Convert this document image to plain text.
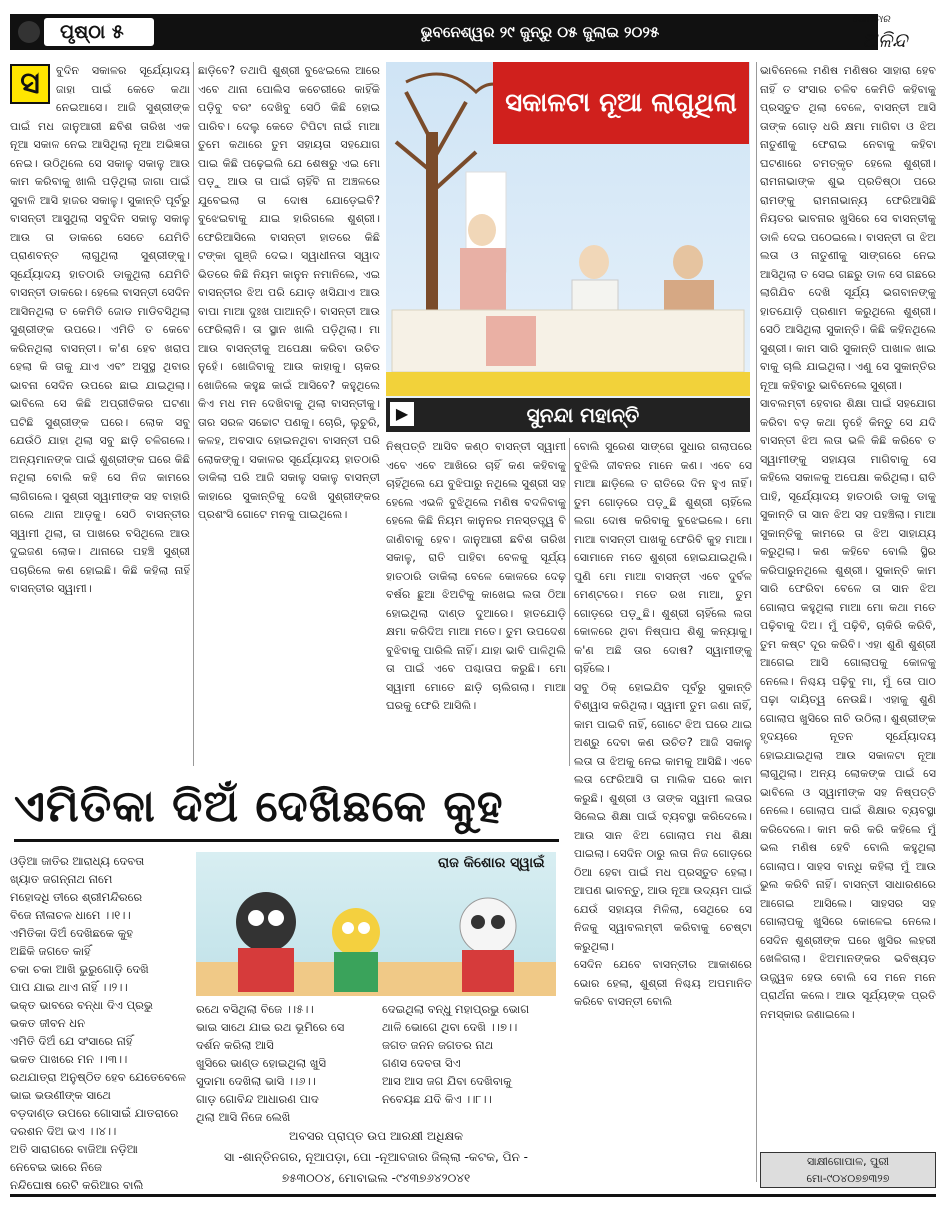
ପୃଷ୍ଠା ୫	ଭୁବନେଶ୍ୱର ୨୯ ଜୁନ୍‌ରୁ ୦୫ ଜୁଲାଇ ୨୦୨୫
ସୋମବାର
ଅଳିନ୍ଦ
ସ	ବୁଦିନ ସକାଳର ସୂର୍ଯ୍ୟୋଦୟ ଜାହା ପାଇଁ କେତେ କଥା ନେଇଆସେ। ଆଜି ସୁଶ୍ରୀଙ୍କ ପାଇଁ ମଧ ଜାନୁଆରୀ ଛବିଶ ତାରିଖ ଏକ ନୂଆ ସକାଳ ନେଇ ଆସିଥିଲା ନୂଆ ଅଭିଜ୍ଞତା ନେଇ। ଉଠିଥିଲେ ସେ ସକାଳୁ ସକାଳୁ ଆଉ କାମ କରିବାକୁ ଖାଲି ପଡ଼ିଥିଲା ଜାଗା ପାଇଁ ସୁବାଳି ଆସି ହାଜର ସକାଳୁ। ସୁକାନ୍ତି ପୂର୍ବରୁ ବାସନ୍ତୀ ଆସୁଥିଲା ସବୁଦିନ ସକାଳୁ ସକାଳୁ ଆଉ ତା ଡାକରେ ସେତେ ଯେମିତି ପ୍ରାଣବନ୍ତ ଲାଗୁଥିଲା ସୁଶ୍ରୀଙ୍କୁ। ସୂର୍ଯ୍ୟୋଦୟ ହାତଠାରି ଡାକୁଥିଲା ଯେମିତି ବାସନ୍ତୀ ଡାକରେ। ହେଲେ ବାସନ୍ତୀ ସେଦିନ ଆସିନଥିଲା ତ କେମିତି ଜୋଡ ମାଡିବସିଥିଲା ସୁଶ୍ରୀଙ୍କ ଉପରେ। ଏମିତି ତ କେବେ କରିନଥିଲା ବାସନ୍ତୀ। କ'ଣ ହେବ ଖରାପ ହେଲା କି ତାକୁ ଯାଏ ଏବଂ ଅସୁସ୍ଥ ଥିବାର ଭାବନା ସେଦିନ ଉପରେ ଛାଇ ଯାଇଥିଲା। ଭାବିଲେ ସେ କିଛି ଅପ୍ରୀତିକର ଘଟଣା ଘଟିଛି ସୁଶ୍ରୀଙ୍କ ଘରେ। ଲୋକ ସବୁ ଯେଉଁଠି ଯାହା ଥିଲା ସବୁ ଛାଡ଼ି ଚଳିଗଲେ। ଅନ୍ୟମାନଙ୍କ ପାଇଁ ଶୁଶ୍ରୀଙ୍କ ଘରେ କିଛି ନଥିଲା ବୋଲି କହି ସେ ନିଜ କାମରେ ଲାଗିଗଲେ। ସୁଶ୍ରୀ ସ୍ୱାମୀଙ୍କ ସହ ବାହାରି ଗଲେ ଥାନା ଆଡ଼କୁ। ସେଠି ବାସନ୍ତୀର ସ୍ୱାମୀ ଥିଲା, ତା ପାଖରେ ବସିଥିଲେ ଆଉ ଦୁଇଜଣ ଲୋକ। ଥାନାରେ ପହଞ୍ଚି ସୁଶ୍ରୀ ପଚାରିଲେ କଣ ହୋଇଛି। କିଛି କହିଲା ନାହିଁ ବାସନ୍ତୀର ସ୍ୱାମୀ।
ଛାଡ଼ିବେ? ତଥାପି ଶୁଶ୍ରୀ ବୁଝେଇଲେ ଆରେ ଏବେ ଥାନା ପୋଲିସ କଚେରୀରେ କାହିଁକି ପଡ଼ିବୁ ବରଂ ଦେଖିବୁ ସେଠି କିଛି ହୋଇ ପାରିବ। ଦେଲୁ କେତେ ଟିପିଟା ନାଇଁ ମାଆ ତୁମେ କଥାରେ ତୁମ ସହାୟତା ସହଯୋଗ ପାଇ କିଛି ପଢ଼େଇଲି ଯେ ଶେଷରୁ ଏଇ ମୋ ପଡ଼ୁ ଆଉ ତା ପାଇଁ ଚାହିଁବି ନା ଅଞ୍ଚଳରେ ଯୁବେଇଲା ତା ଦୋଷ ଯୋଡ଼େଇବି? ବୁଝେଇବାକୁ ଯାଇ ହାରିଗଲେ ଶୁଶ୍ରୀ। ଫେରିଆସିଲେ ବାସନ୍ତୀ ହାତରେ କିଛି ଟଙ୍କା ଗୁଞ୍ଜି ଦେଇ। ସ୍ୱାଧୀନତା ସ୍ୱାଦ ଭିତରେ କିଛି ନିୟମ କାନୁନ ନମାନିଲେ, ଏଇ ବାସନ୍ତୀର ଝିଅ ପରି ଯୋଡ଼ ଖସିଯାଏ ଆଉ ବାପା ମାଆ ଦୁଃଖ ପାଆନ୍ତି। ବାସନ୍ତୀ ଆଉ ଫେରିଲାନି। ତା ସ୍ଥାନ ଖାଲି ପଡ଼ିଥିଲା। ମା ଆଉ ବାସନ୍ତୀକୁ ଅପେକ୍ଷା କରିବା ଉଚିତ ନୁହେଁ। ଖୋଜିବାକୁ ଆଉ କାହାକୁ। ଚାକର ଖୋଜିଲେ କହୁଛ କାଇଁ ଆସିବେ? କହୁଥିଲେ କିଏ ମଧ ମନ ଦେଖିବାକୁ ଥିଲା ବାସନ୍ତୀକୁ। ତାର ସରଳ ସଚ୍ଚୋଟ ପଣକୁ। ଚୋରି, ଲୁଚୁରି, କଳହ, ଅବସାଦ ହୋଇନଥିବା ବାସନ୍ତୀ ପରି ଲୋକଙ୍କୁ। ସକାଳର ସୂର୍ଯ୍ୟୋଦୟ ହାତଠାରି ଡାକିଲା ପରି ଆଜି ସକାଳୁ ସକାଳୁ ବାସନ୍ତୀ କାହାରେ ସୁକାନ୍ତିକୁ ଦେଖି ସୁଶ୍ରୀଙ୍କର ପ୍ରଶଂସି ଗୋଟେ ମନକୁ ପାଇଥିଲେ।
ସକାଳଟା ନୂଆ ଲାଗୁଥିଲା
▶	ସୁନନ୍ଦା ମହାନ୍ତି
ନିଷ୍ପତ୍ତି ଆସିବ କଣ୍ଠ ବାସନ୍ତୀ ସ୍ୱାମୀ ଏବେ ଏବେ ଆଖିରେ ଚାହିଁ କଣ କହିବାକୁ ଚାହିଁଥିଲେ ଯେ ବୁଝିପାରୁ ନଥିଲେ ସୁଶ୍ରୀ ସହ ହେଲେ ଏଭଳି ବୁଝିଥିଲେ ମଣିଷ ବଦଳିବାକୁ ହେଲେ କିଛି ନିୟମ କାନୁନର ମନସ୍ତତ୍ତ୍ୱ ବି ଜାଣିବାକୁ ହେବ। ଜାନୁଆରୀ ଛବିଶ ତାରିଖ ସକାଳୁ, ରାତି ପାହିବା ବେଳକୁ ସୂର୍ଯ୍ୟ ହାତଠାରି ଡାକିଲା ବେଳେ କୋଳରେ ଦେଢ଼ ବର୍ଷର ଛୁଆ ଝିଅଟିକୁ କାଖେଇ ଲତା ଠିଆ ହୋଇଥିଲା ଦାଣ୍ଡ ଦୁଆରେ। ହାତଯୋଡ଼ି କ୍ଷମା କରିଦିଅ ମାଆ ମତେ। ତୁମ ଉପଦେଶ ବୁଝିବାକୁ ପାରିଲି ନାହିଁ। ଯାହା ଭାବି ପାଳିଥିଲି ତା ପାଇଁ ଏବେ ପଶ୍ଚାତାପ କରୁଛି। ମୋ ସ୍ୱାମୀ ମୋତେ ଛାଡ଼ି ଚାଲିଗଲା। ମାଆ ଘରକୁ ଫେରି ଆସିଲି।
ବୋଲି ସୁରେଶ ସାଙ୍ଗେ ସୁଧାର ଗଲାପରେ ବୁଝିଲି ଜୀବନର ମାନେ କଣ। ଏବେ ସେ ମାଆ ଛାଡ଼ିଲେ ତ ରାତିରେ ଦିନ ହୁଏ ନାହିଁ। ତୁମ ଗୋଡ଼ରେ ପଡ଼ୁଛି ଶୁଶ୍ରୀ ଚାହିଁଲେ ଲଗା ଦୋଷ କରିବାକୁ ବୁଝେଇଲେ। ମୋ ମାଆ ବାସନ୍ତୀ ପାଖକୁ ଫେରିବି କୁହ ମାଆ। ସୋମାନେ ମତେ ଶୁଶ୍ରୀ ହୋଇଯାଇଥିଲି। ପୁଣି ମୋ ମାଆ ବାସନ୍ତୀ ଏବେ ଦୁର୍ବଳ ମେଣ୍ଟରେ। ମତେ ରଖ ମାଆ, ତୁମ ଗୋଡ଼ରେ ପଡ଼ୁଛି। ଶୁଶ୍ରୀ ଚାହିଁଲେ ଲତା କୋଳରେ ଥିବା ନିଷ୍ପାପ ଶିଶୁ କନ୍ୟାକୁ। କ'ଣ ଅଛି ତାର ଦୋଷ? ସ୍ୱାମୀଙ୍କୁ ଚାହିଁଲେ।
ସବୁ ଠିକ୍ ହୋଇଯିବ ପୂର୍ବରୁ ସୁକାନ୍ତି ବିଶ୍ୱାସ କରିଥିଲା। ସ୍ୱାମୀ ତୁମ ଜଣା ନାହିଁ, କାମ ପାଇବି ନାହିଁ, ଗୋଟେ ଝିଅ ଘରେ ଥାଇ ଅଶ୍ରୁ ଦେବା କଣ ଉଚିତ? ଆଜି ସକାଳୁ ଲତା ତା ଝିଅକୁ ନେଇ କାମକୁ ଆସିଛି। ଏବେ ଲତା ଫେରିଆସି ତା ମାଲିକ ଘରେ କାମ କରୁଛି। ଶୁଶ୍ରୀ ଓ ତାଙ୍କ ସ୍ୱାମୀ ଲତାର ସିଲେଇ ଶିକ୍ଷା ପାଇଁ ବ୍ୟବସ୍ଥା କରିଦେଲେ। ଆଉ ସାନ ଝିଅ ଗୋଲାପ ମଧ ଶିକ୍ଷା ପାଇଲା। ସେଦିନ ଠାରୁ ଲତା ନିଜ ଗୋଡ଼ରେ ଠିଆ ହେବା ପାଇଁ ମଧ ପ୍ରସ୍ତୁତ ହେଲା। ଆପଣ ଭାବନ୍ତୁ, ଆଉ ନୂଆ ଉଦ୍ୟମ ପାଇଁ ଯେଉଁ ସହାୟତା ମିଳିଲା, ସେଥିରେ ସେ ନିଜକୁ ସ୍ୱାବଲମ୍ବୀ କରିବାକୁ ଚେଷ୍ଟା କରୁଥିଲା।
ସେଦିନ ଯେବେ ବାସନ୍ତୀର ଆକାଶରେ ଭୋର ହେଲା, ଶୁଶ୍ରୀ ନିଶ୍ଚୟ ଅପମାନିତ କରିବେ ବାସନ୍ତୀ ବୋଲି
ଭାବିନେଲେ ମଣିଷ ମଣିଷର ସାହାରା ହେବ ନାହିଁ ତ ସଂସାର ଚଳିବ କେମିତି କହିବାକୁ ପ୍ରସ୍ତୁତ ଥିଲା ବେଳେ, ବାସନ୍ତୀ ଆସି ତାଙ୍କ ଗୋଡ଼ ଧରି କ୍ଷମା ମାଗିବା ଓ ଝିଅ ନାତୁଣୀକୁ ଫେରାଇ ନେବାକୁ କହିବା ଘଟଣାରେ ଚମତ୍କୃତ ହେଲେ ଶୁଶ୍ରୀ। ରାମନାଭାଙ୍କ ଶୁଭ ପ୍ରତିଷ୍ଠା ପରେ ରାମଙ୍କୁ ରାମନାଭାନ୍ୟ ଫେରିଆସିଛି ନିୟତର ଭାବନାର ଖୁସିରେ ସେ ବାସନ୍ତୀକୁ ଡାଳି ଦେଇ ପଠେଇଲେ। ବାସନ୍ତୀ ତା ଝିଅ ଲତା ଓ ନାତୁଣୀକୁ ସାଙ୍ଗରେ ନେଇ ଆସିଥିଲା ତ ସେଇ ଗଛରୁ ଡାଳ ସେ ଗଛରେ ଲାଗିଯିବ ଦେଖି ସୂର୍ଯ୍ୟ ଭଗବାନଙ୍କୁ ହାତଯୋଡ଼ି ପ୍ରଣାମ କରୁଥିଲେ ଶୁଶ୍ରୀ। ସେଠି ଆସିଥିଲା ସୁକାନ୍ତି। କିଛି କହିନଥିଲେ ସୁଶ୍ରୀ। କାମ ସାରି ସୁକାନ୍ତି ପାଖାଳ ଖାଇ ବାକୁ ଚାଲି ଯାଇଥିଲା। ଏଣୁ ସେ ସୁକାନ୍ତିର ନୂଆ କହିବାରୁ ଭାବିନେଲେ ସୁଶ୍ରୀ।
ସାବଲମ୍ବୀ ହେବାର ଶିକ୍ଷା ପାଇଁ ସହଯୋଗ କରିବା ବଡ଼ କଥା ନୁହେଁ କିନ୍ତୁ ସେ ଯଦି ବାସନ୍ତୀ ଝିଅ ଲତା ଭଳି କିଛି କରିବେ ତ ସ୍ୱାମୀଙ୍କୁ ସହାୟତା ମାଗିବାକୁ ସେ କହିଲେ ସକାଳକୁ ଅପେକ୍ଷା କରିଥିଲା। ରାତି ପାହି, ସୂର୍ଯ୍ୟୋଦୟ ହାତଠାରି ଡାକୁ ଡାକୁ ସୁକାନ୍ତି ତା ସାନ ଝିଅ ସହ ପହଞ୍ଚିଲା। ମାଆ ସୁକାନ୍ତିକୁ କାମରେ ତା ଝିଅ ସାହାଯ୍ୟ କରୁଥିଲା। କଣ କହିବେ ବୋଲି ସ୍ଥିର କରିପାରୁନଥିଲେ ଶୁଶ୍ରୀ। ସୁକାନ୍ତି କାମ ସାରି ଫେରିବା ବେଳେ ତା ସାନ ଝିଅ ଗୋଲାପ କହୁଥିଲା ମାଆ ମୋ କଥା ମତେ ପଢ଼ିବାକୁ ଦିଅ। ମୁଁ ପଢ଼ିବି, ଚାକିରି କରିବି, ତୁମ କଷ୍ଟ ଦୂର କରିବି। ଏହା ଶୁଣି ଶୁଶ୍ରୀ ଆଗେଇ ଆସି ଗୋଲାପକୁ କୋଳକୁ ନେଲେ। ନିଶ୍ଚୟ ପଢ଼ିବୁ ମା, ମୁଁ ତୋ ପାଠ ପଢ଼ା ଦାୟିତ୍ୱ ନେଉଛି। ଏହାକୁ ଶୁଣି ଗୋଲାପ ଖୁସିରେ ନାଚି ଉଠିଲା। ଶୁଶ୍ରୀଙ୍କ ହୃଦୟରେ ନୂତନ ସୂର୍ଯ୍ୟୋଦୟ ହୋଇଯାଇଥିଲା ଆଉ ସକାଳଟା ନୂଆ ଲାଗୁଥିଲା। ଅନ୍ୟ ଲୋକଙ୍କ ପାଇଁ ସେ ଭାବିଲେ ଓ ସ୍ୱାମୀଙ୍କ ସହ ନିଷ୍ପତ୍ତି ନେଲେ। ଗୋଲାପ ପାଇଁ ଶିକ୍ଷାର ବ୍ୟବସ୍ଥା କରିଦେଲେ। କାମ କରି କରି କହିଲେ ମୁଁ ଭଲ ମଣିଷ ହେବି ବୋଲି କହୁଥିଲା ଗୋଲାପ। ସାହସ ବାନ୍ଧି କହିଲା ମୁଁ ଆଉ ଭୁଲ କରିବି ନାହିଁ। ବାସନ୍ତୀ ସାଧାରଣରେ ଆଗେଇ ଆସିଲେ। ସାହସର ସହ ଗୋଲାପକୁ ଖୁସିରେ କୋଳେଇ ନେଲେ। ସେଦିନ ଶୁଶ୍ରୀଙ୍କ ଘରେ ଖୁସିର ଲହରୀ ଖେଳିଗଲା। ଝିଅମାନଙ୍କର ଭବିଷ୍ୟତ ଉଜ୍ଜ୍ୱଳ ହେଉ ବୋଲି ସେ ମନେ ମନେ ପ୍ରାର୍ଥନା କଲେ। ଆଉ ସୂର୍ଯ୍ୟଙ୍କ ପ୍ରତି ନମସ୍କାର ଜଣାଇଲେ।
ସାକ୍ଷୀଗୋପାଳ, ପୁରୀ
ମୋ-୯୦୪୦୭୭୩୨୭
ଏମିତିକା ଦିଅଁ ଦେଖିଛକେ କୁହ
ଓଡ଼ିଆ ଜାତିର ଆରାଧ୍ୟ ଦେବତା
ଖ୍ୟାତ ଜଗନ୍ନାଥ ନାମେ
ମହୋଦଧି ତୀରେ ଶ୍ରୀମନ୍ଦିରରେ
ବିଜେ ନୀଳାଚଳ ଧାମେ ।।୧।।
ଏମିତିକା ଦିଅଁ ଦେଖିଛକେ କୁହ
ଅଛିକି ଜଗତେ କାହିଁ
ଚକା ଚକା ଆଖି ଭୁରୁଗୋଡ଼ି ଦେଖି
ପାପ ଯାଇ ଥାଏ ନାହିଁ ।।୨।।
ଭକ୍ତ ଭାବରେ ବନ୍ଧା ଦିଏ ପ୍ରଭୁ
ଭକତ ଜୀବନ ଧନ
ଏମିତି ଦିଅଁ ଯେ ସଂସାରେ ନାହିଁ
ଭକତ ପାଖରେ ମନ ।।୩।।
ରଥଯାତ୍ରା ଅନୁଷ୍ଠିତ ହେବ ଯେତେବେଳେ
ଭାଇ ଭଉଣୀଙ୍କ ସାଥେ
ବଡ଼ଦାଣ୍ଡ ଉପରେ ଗୋସାଇଁ ଯାତରାରେ
ଦରଶନ ଦିଅ ଭଏ ।।୪।।
ଅତି ସାରାଗରେ ବାଜିଆ ନଡ଼ିଆ
ନେବେଇ ଭାରେ ନିଜେ
ନନ୍ଦିଘୋଷ ରେଟି କରିଆର ବାଲି
ରାଜ କିଶୋର ସ୍ୱାଇଁ
ରଥେ ବସିଥିଲା ବିଜେ ।।୫।।
ଭାଇ ସାଥେ ଯାଇ ରଥ ଭୂମିରେ ସେ
ଦର୍ଶନ କରିଲା ଆସି
ଖୁସିରେ ଭାଣ୍ଡ ହୋଇଥିଲା ଖୁସି
ସୁଦାମା ଦେଖିଲା ଭାସି ।।୬।।
ଗାଡ଼ ଗୋବିନ୍ଦ ଆଧାରଣ ପାଦ
ଥିଲା ଆସି ନିଜେ ଲେଖି
ଦେଇଥିଲା ବନ୍ଧୁ ମହାପ୍ରଭୁ ଭୋଗ
ଥାଳି ଭୋଗେ ଥିବା ଦେଖି ।।୭।।
ଜଗତ ଜନନ ଜଗତର ନାଥ
ଗଣସ ଦେବତା ସିଏ
ଆସ ଆସ ଜଗ ଯିବା ଦେଖିବାକୁ
ନବେୟଛ ଯଦି କିଏ ।।୮।।
ଅବସର ପ୍ରାପ୍ତ ଉପ ଆରକ୍ଷୀ ଅଧିକ୍ଷକ
ସା -ଶାନ୍ତିନଗର, ନୂଆପଡ଼ା, ପୋ -ନୂଆବଜାର ଜିଲ୍ଲା -କଟକ, ପିନ -
୭୫୩୦୦୪, ମୋବାଇଲ -୯୪୩୭୬୪୨୦୪୧
